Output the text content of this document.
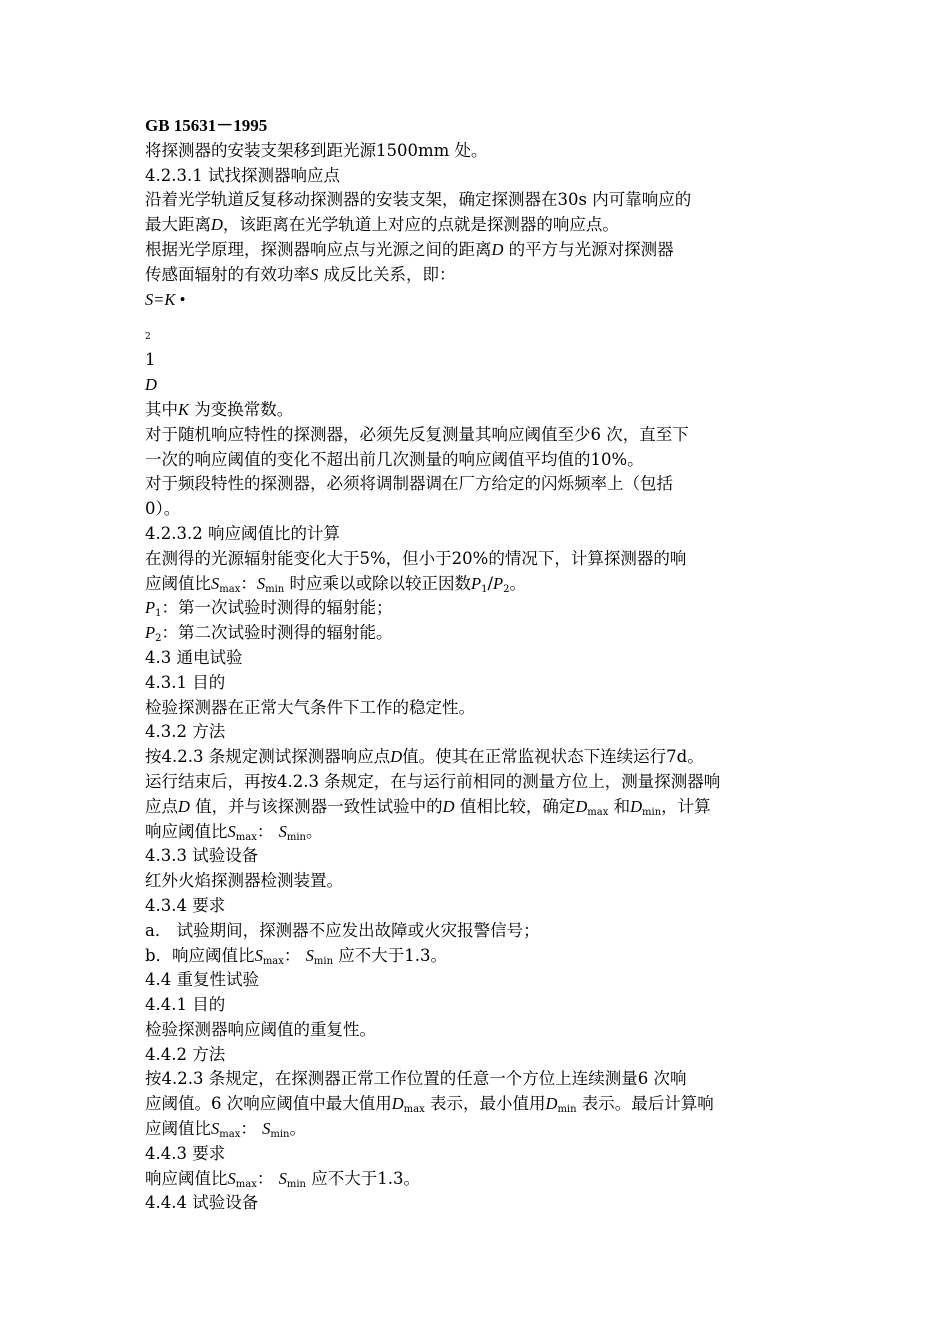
GB 15631－1995
将探测器的安装支架移到距光源1500mm 处。
4.2.3.1 试找探测器响应点
沿着光学轨道反复移动探测器的安装支架，确定探测器在30s 内可靠响应的
最大距离D，该距离在光学轨道上对应的点就是探测器的响应点。
根据光学原理，探测器响应点与光源之间的距离D 的平方与光源对探测器
传感面辐射的有效功率S 成反比关系，即：
S=K •
2
1
D
其中K 为变换常数。
对于随机响应特性的探测器，必须先反复测量其响应阈值至少6 次，直至下
一次的响应阈值的变化不超出前几次测量的响应阈值平均值的10%。
对于频段特性的探测器，必须将调制器调在厂方给定的闪烁频率上（包括
0）。
4.2.3.2 响应阈值比的计算
在测得的光源辐射能变化大于5%，但小于20%的情况下，计算探测器的响
应阈值比$S_{max}$：$S_{min}$ 时应乘以或除以较正因数$P_1/P_2$。
$P_1$：第一次试验时测得的辐射能；
$P_2$：第二次试验时测得的辐射能。
4.3 通电试验
4.3.1 目的
检验探测器在正常大气条件下工作的稳定性。
4.3.2 方法
按4.2.3 条规定测试探测器响应点D值。使其在正常监视状态下连续运行7d。
运行结束后，再按4.2.3 条规定，在与运行前相同的测量方位上，测量探测器响
应点D 值，并与该探测器一致性试验中的D 值相比较，确定$D_{max}$ 和$D_{min}$，计算
响应阈值比$S_{max}$： $S_{min}$。
4.3.3 试验设备
红外火焰探测器检测装置。
4.3.4 要求
a． 试验期间，探测器不应发出故障或火灾报警信号；
b．响应阈值比$S_{max}$： $S_{min}$ 应不大于1.3。
4.4 重复性试验
4.4.1 目的
检验探测器响应阈值的重复性。
4.4.2 方法
按4.2.3 条规定，在探测器正常工作位置的任意一个方位上连续测量6 次响
应阈值。6 次响应阈值中最大值用$D_{max}$ 表示，最小值用$D_{min}$ 表示。最后计算响
应阈值比$S_{max}$： $S_{min}$。
4.4.3 要求
响应阈值比$S_{max}$： $S_{min}$ 应不大于1.3。
4.4.4 试验设备
